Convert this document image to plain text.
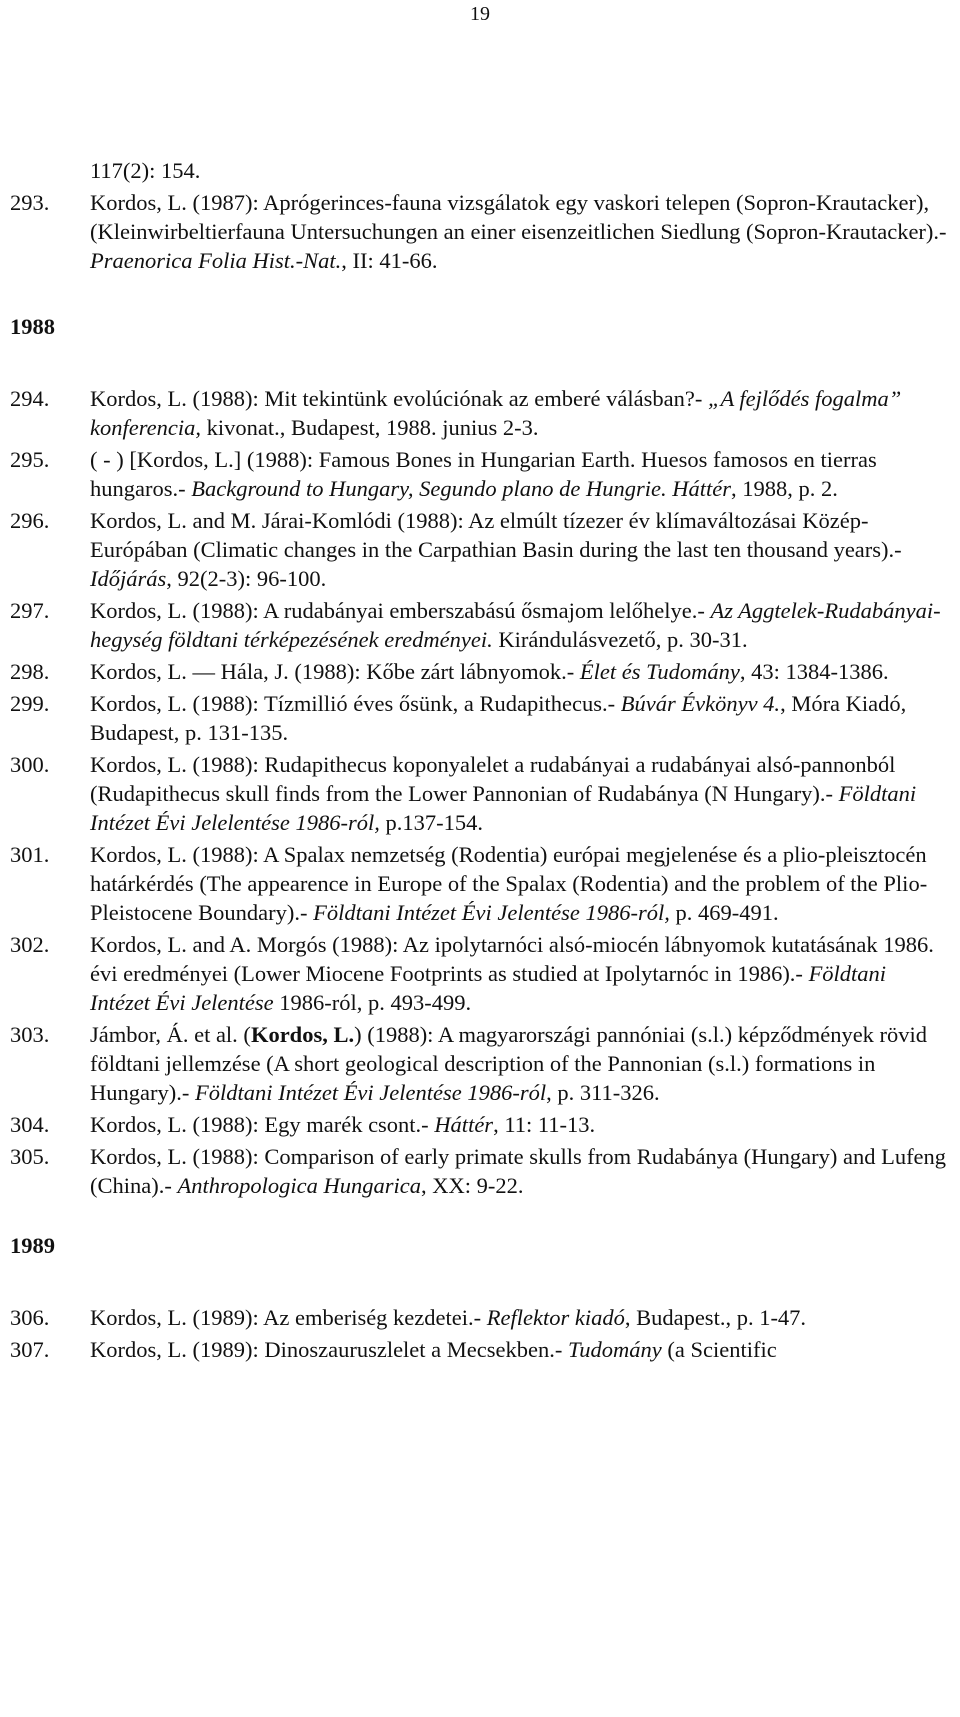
19
117(2): 154.
293. Kordos, L. (1987): Aprógerinces-fauna vizsgálatok egy vaskori telepen (Sopron-Krautacker), (Kleinwirbeltierfauna Untersuchungen an einer eisenzeitlichen Siedlung (Sopron-Krautacker).- Praenorica Folia Hist.-Nat., II: 41-66.
1988
294. Kordos, L. (1988): Mit tekintünk evolúciónak az emberé válásban?- „A fejlődés fogalma” konferencia, kivonat., Budapest, 1988. junius 2-3.
295. ( - ) [Kordos, L.] (1988): Famous Bones in Hungarian Earth. Huesos famosos en tierras hungaros.- Background to Hungary, Segundo plano de Hungrie. Háttér, 1988, p. 2.
296. Kordos, L. and M. Járai-Komlódi (1988): Az elmúlt tízezer év klímaváltozásai Közép-Európában (Climatic changes in the Carpathian Basin during the last ten thousand years).- Időjárás, 92(2-3): 96-100.
297. Kordos, L. (1988): A rudabányai emberszabású ősmajom lelőhelye.- Az Aggtelek-Rudabányai-hegység földtani térképezésének eredményei. Kirándulásvezető, p. 30-31.
298. Kordos, L. — Hála, J. (1988): Kőbe zárt lábnyomok.- Élet és Tudomány, 43: 1384-1386.
299. Kordos, L. (1988): Tízmillió éves ősünk, a Rudapithecus.- Búvár Évkönyv 4., Móra Kiadó, Budapest, p. 131-135.
300. Kordos, L. (1988): Rudapithecus koponyalelet a rudabányai a rudabányai alsó-pannonból (Rudapithecus skull finds from the Lower Pannonian of Rudabánya (N Hungary).- Földtani Intézet Évi Jelelentése 1986-ról, p.137-154.
301. Kordos, L. (1988): A Spalax nemzetség (Rodentia) európai megjelenése és a plio-pleisztocén határkérdés (The appearence in Europe of the Spalax (Rodentia) and the problem of the Plio-Pleistocene Boundary).- Földtani Intézet Évi Jelentése 1986-ról, p. 469-491.
302. Kordos, L. and A. Morgós (1988): Az ipolytarnóci alsó-miocén lábnyomok kutatásának 1986. évi eredményei (Lower Miocene Footprints as studied at Ipolytarnóc in 1986).- Földtani Intézet Évi Jelentése 1986-ról, p. 493-499.
303. Jámbor, Á. et al. (Kordos, L.) (1988): A magyarországi pannóniai (s.l.) képződmények rövid földtani jellemzése (A short geological description of the Pannonian (s.l.) formations in Hungary).- Földtani Intézet Évi Jelentése 1986-ról, p. 311-326.
304. Kordos, L. (1988): Egy marék csont.- Háttér, 11: 11-13.
305. Kordos, L. (1988): Comparison of early primate skulls from Rudabánya (Hungary) and Lufeng (China).- Anthropologica Hungarica, XX: 9-22.
1989
306. Kordos, L. (1989): Az emberiség kezdetei.- Reflektor kiadó, Budapest., p. 1-47.
307. Kordos, L. (1989): Dinoszauruszlelet a Mecsekben.- Tudomány (a Scientific
